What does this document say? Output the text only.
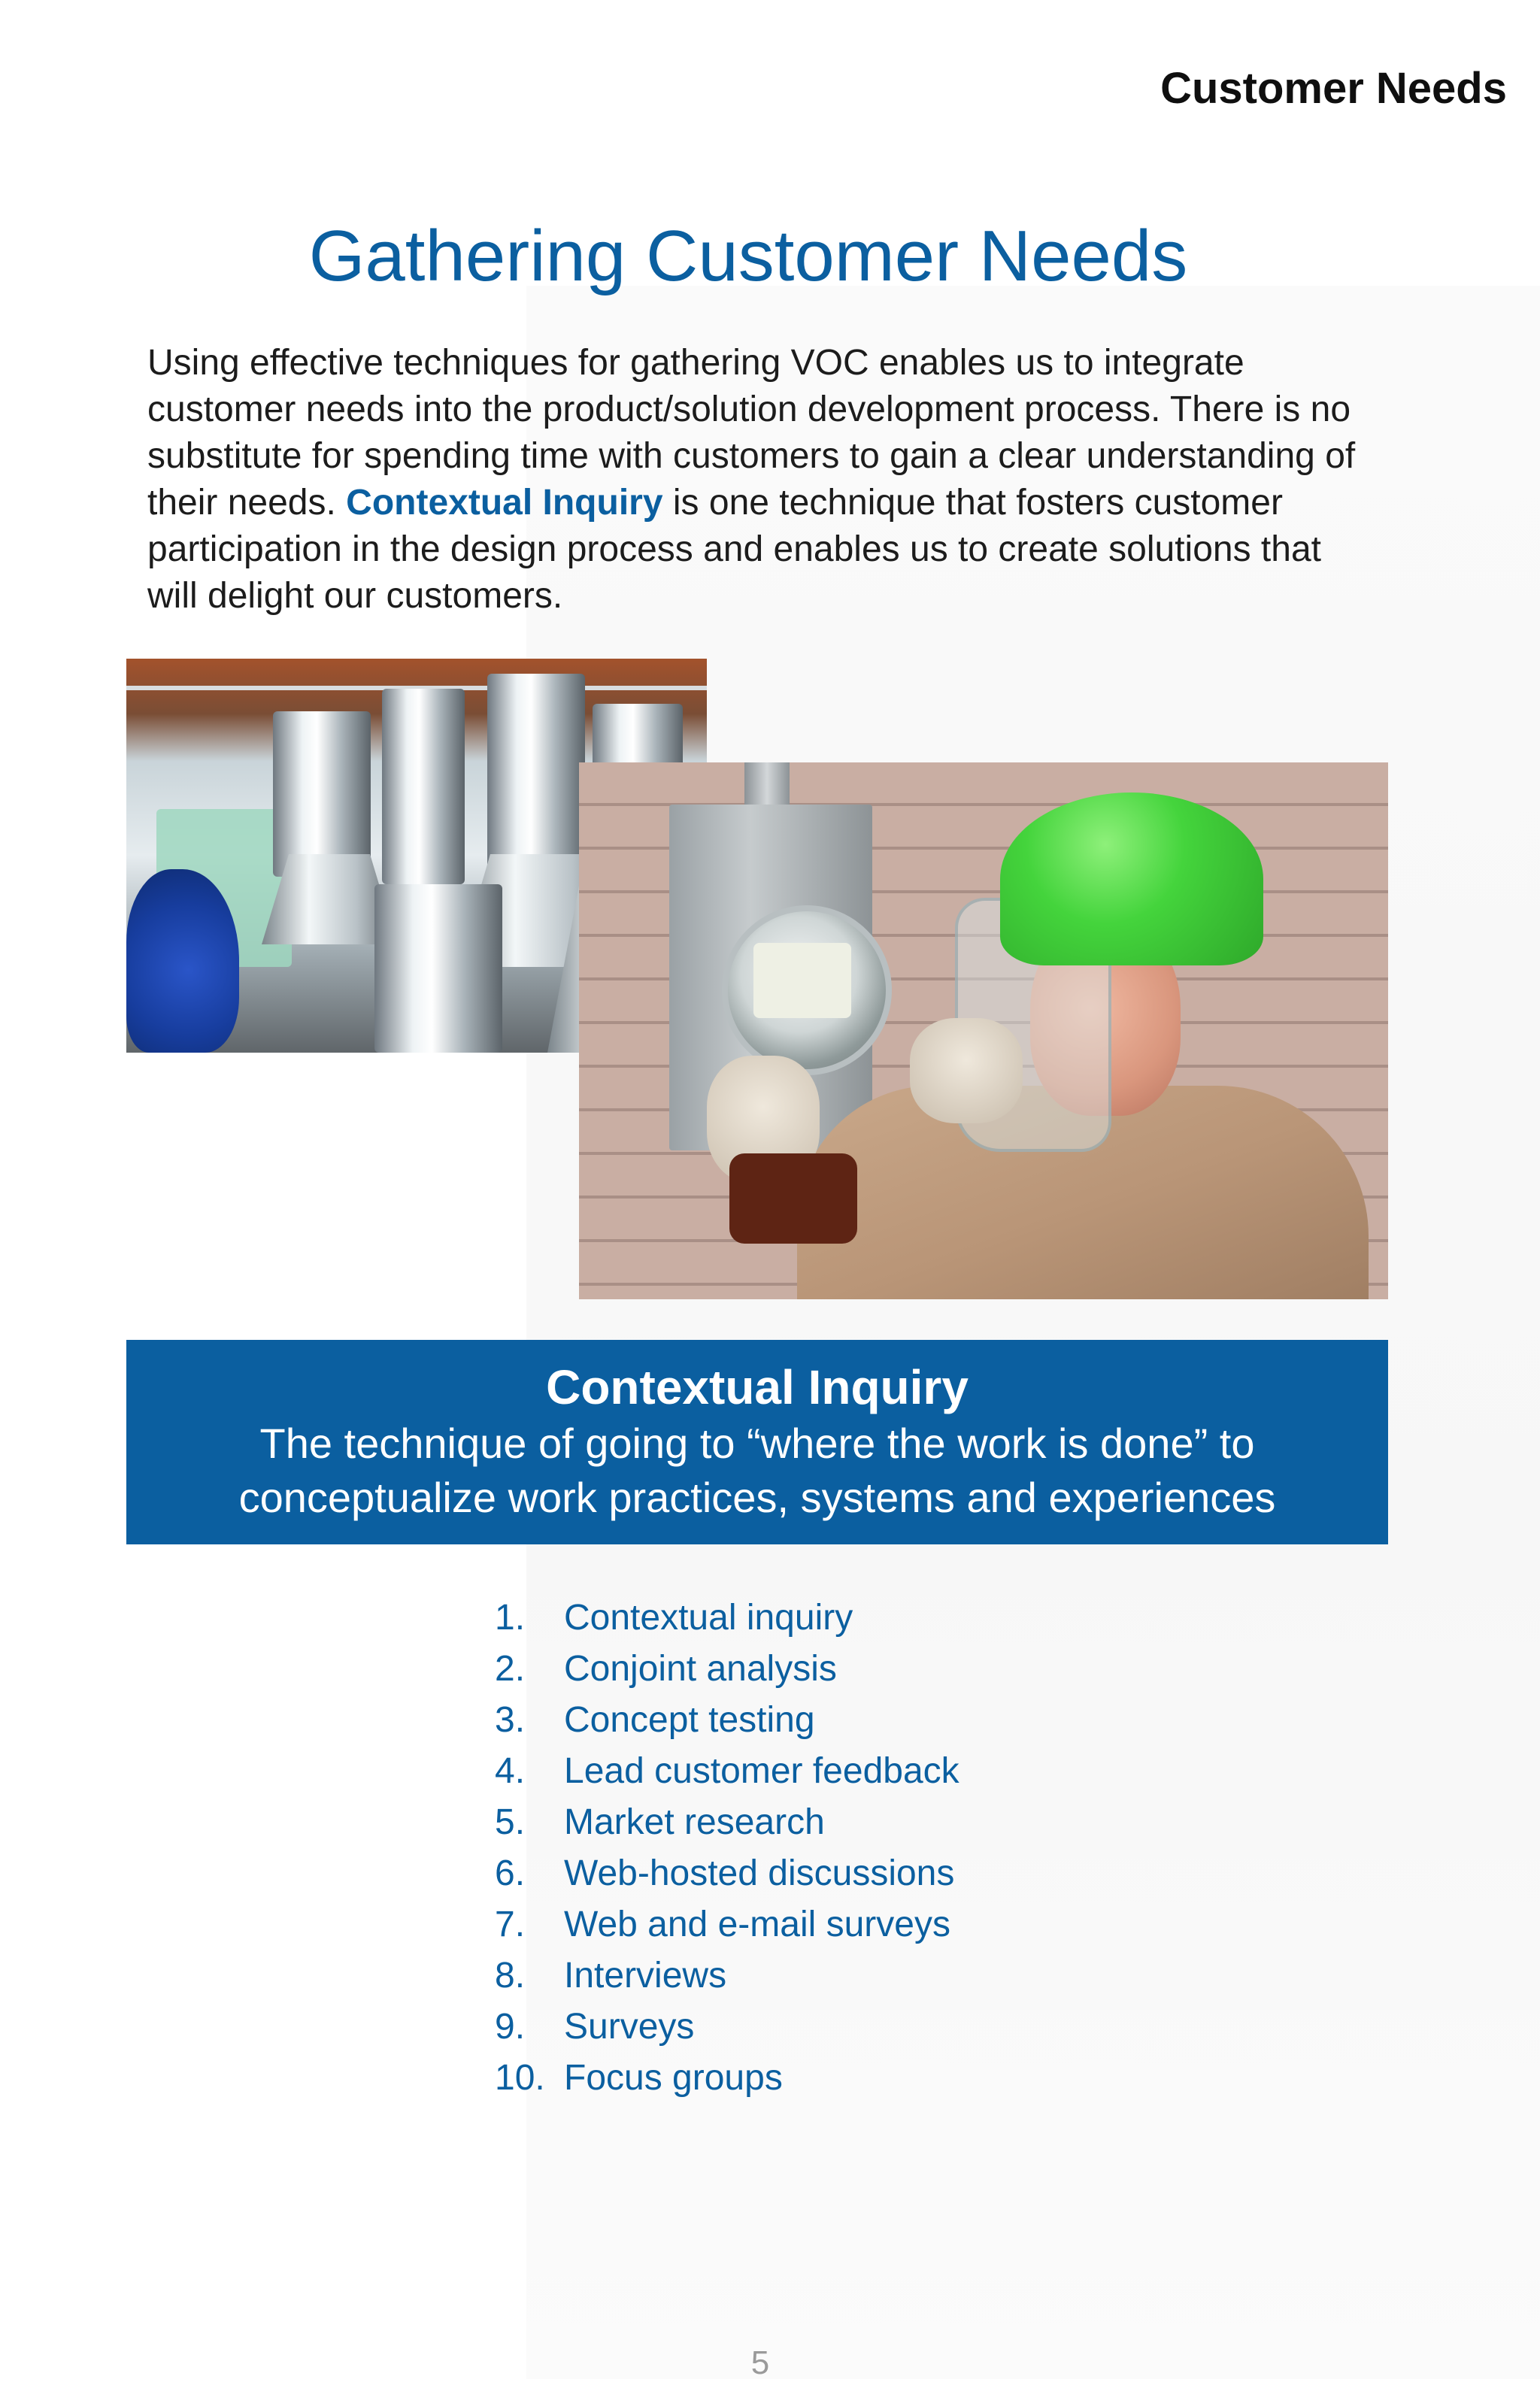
Customer Needs
Gathering Customer Needs

Using effective techniques for gathering VOC enables us to integrate customer needs into the product/solution development process. There is no substitute for spending time with customers to gain a clear understanding of their needs. Contextual Inquiry is one technique that fosters customer participation in the design process and enables us to create solutions that will delight our customers.

Contextual Inquiry

The technique of going to “where the work is done” to conceptualize work practices, systems and experiences

1.	Contextual inquiry
2.	Conjoint analysis
3.	Concept testing
4.	Lead customer feedback
5.	Market research
6.	Web-hosted discussions
7.	Web and e-mail surveys
8.	Interviews
9.	Surveys
10. Focus groups

5
